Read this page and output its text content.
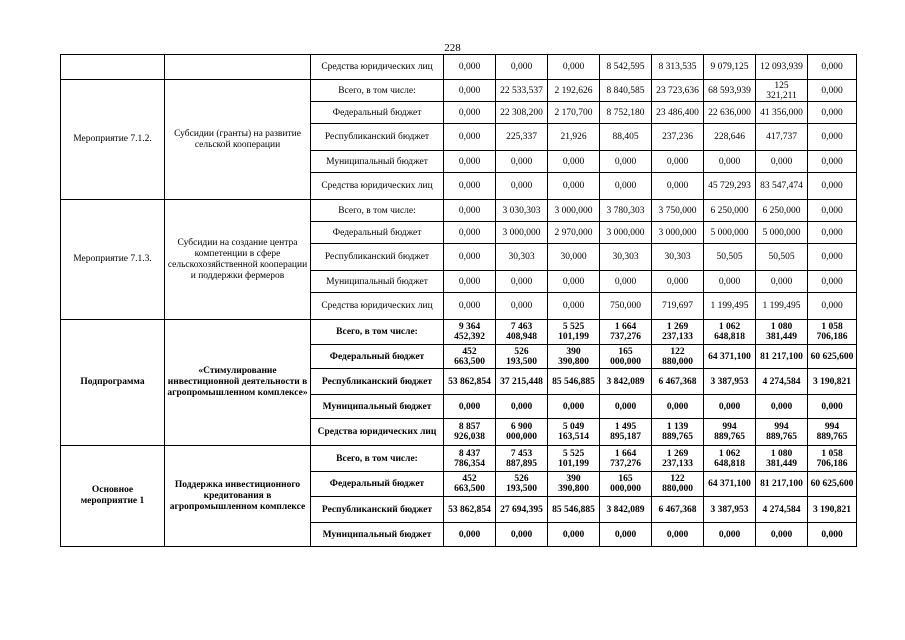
228
		Средства юридических лиц	0,000	0,000	0,000	8 542,595	8 313,535	9 079,125	12 093,939	0,000
Мероприятие 7.1.2.	Субсидии (гранты) на развитие сельской кооперации	Всего, в том числе:	0,000	22 533,537	2 192,626	8 840,585	23 723,636	68 593,939	125 321,211	0,000
		Федеральный бюджет	0,000	22 308,200	2 170,700	8 752,180	23 486,400	22 636,000	41 356,000	0,000
		Республиканский бюджет	0,000	225,337	21,926	88,405	237,236	228,646	417,737	0,000
		Муниципальный бюджет	0,000	0,000	0,000	0,000	0,000	0,000	0,000	0,000
		Средства юридических лиц	0,000	0,000	0,000	0,000	0,000	45 729,293	83 547,474	0,000
Мероприятие 7.1.3.	Субсидии на создание центра компетенции в сфере сельскохозяйственной кооперации и поддержки фермеров	Всего, в том числе:	0,000	3 030,303	3 000,000	3 780,303	3 750,000	6 250,000	6 250,000	0,000
		Федеральный бюджет	0,000	3 000,000	2 970,000	3 000,000	3 000,000	5 000,000	5 000,000	0,000
		Республиканский бюджет	0,000	30,303	30,000	30,303	30,303	50,505	50,505	0,000
		Муниципальный бюджет	0,000	0,000	0,000	0,000	0,000	0,000	0,000	0,000
		Средства юридических лиц	0,000	0,000	0,000	750,000	719,697	1 199,495	1 199,495	0,000
Подпрограмма	«Стимулирование инвестиционной деятельности в агропромышленном комплексе»	Всего, в том числе:	9 364 452,392	7 463 408,948	5 525 101,199	1 664 737,276	1 269 237,133	1 062 648,818	1 080 381,449	1 058 706,186
		Федеральный бюджет	452 663,500	526 193,500	390 390,800	165 000,000	122 880,000	64 371,100	81 217,100	60 625,600
		Республиканский бюджет	53 862,854	37 215,448	85 546,885	3 842,089	6 467,368	3 387,953	4 274,584	3 190,821
		Муниципальный бюджет	0,000	0,000	0,000	0,000	0,000	0,000	0,000	0,000
		Средства юридических лиц	8 857 926,038	6 900 000,000	5 049 163,514	1 495 895,187	1 139 889,765	994 889,765	994 889,765	994 889,765
Основное мероприятие 1	Поддержка инвестиционного кредитования в агропромышленном комплексе	Всего, в том числе:	8 437 786,354	7 453 887,895	5 525 101,199	1 664 737,276	1 269 237,133	1 062 648,818	1 080 381,449	1 058 706,186
		Федеральный бюджет	452 663,500	526 193,500	390 390,800	165 000,000	122 880,000	64 371,100	81 217,100	60 625,600
		Республиканский бюджет	53 862,854	27 694,395	85 546,885	3 842,089	6 467,368	3 387,953	4 274,584	3 190,821
		Муниципальный бюджет	0,000	0,000	0,000	0,000	0,000	0,000	0,000	0,000
